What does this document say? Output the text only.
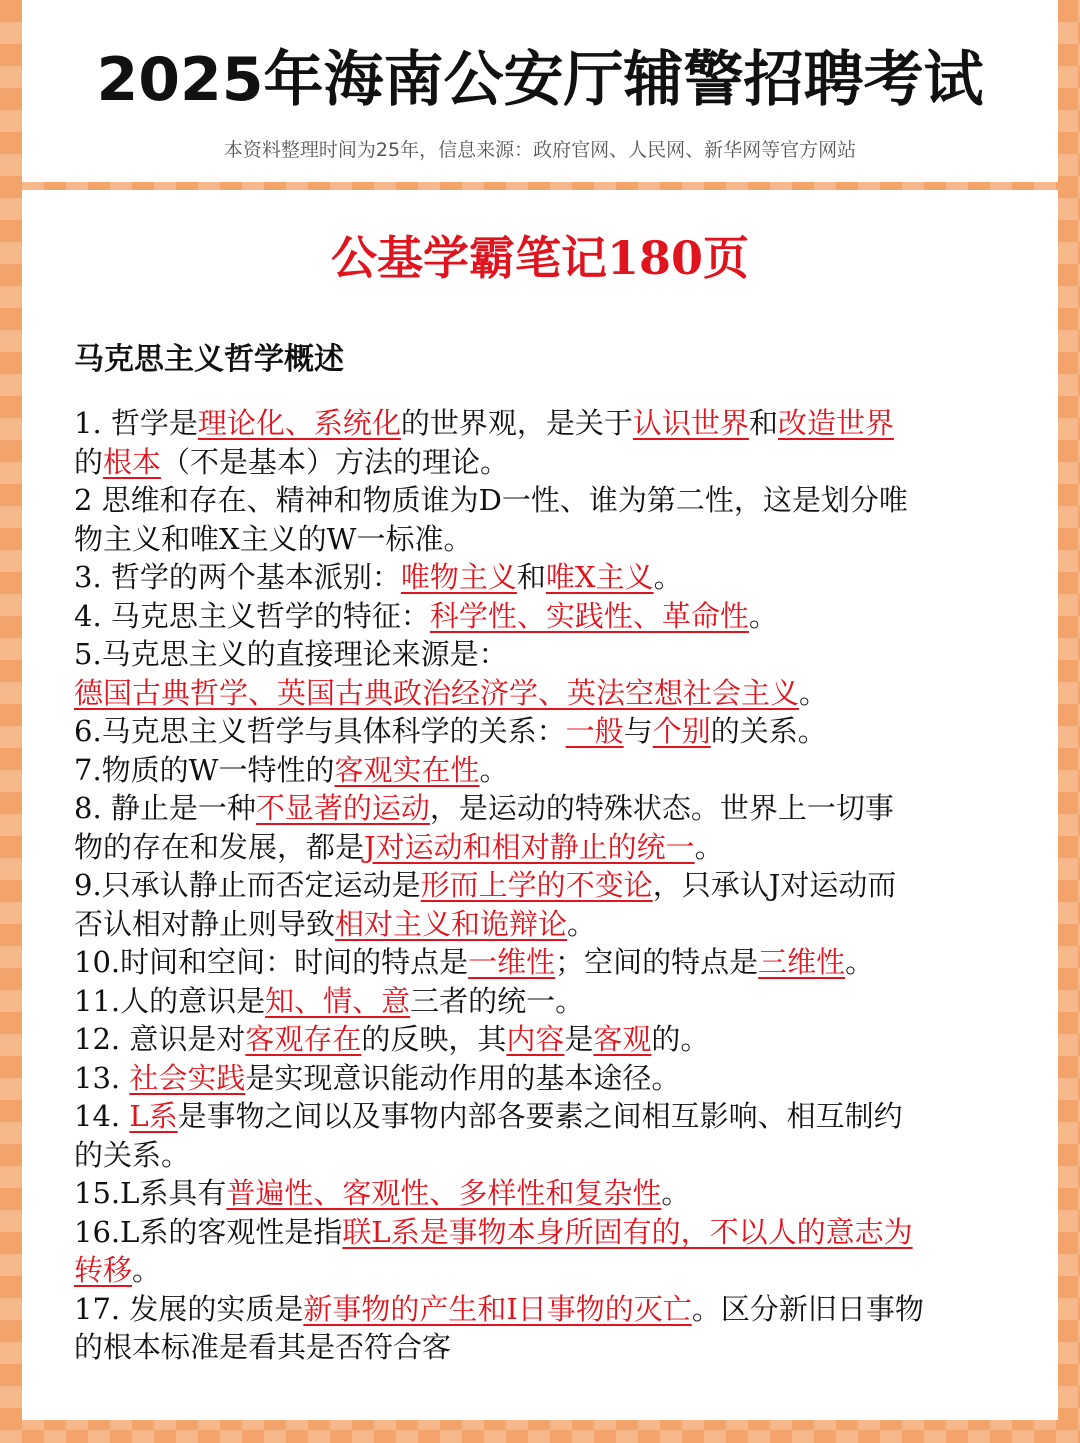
2025年海南公安厅辅警招聘考试
本资料整理时间为25年，信息来源：政府官网、人民网、新华网等官方网站
公基学霸笔记180页
马克思主义哲学概述
1. 哲学是理论化、系统化的世界观，是关于认识世界和改造世界
的根本（不是基本）方法的理论。
2 思维和存在、精神和物质谁为D一性、谁为第二性，这是划分唯
物主义和唯X主义的W一标准。
3. 哲学的两个基本派别：唯物主义和唯X主义。
4. 马克思主义哲学的特征：科学性、实践性、革命性。
5.马克思主义的直接理论来源是：
德国古典哲学、英国古典政治经济学、英法空想社会主义。
6.马克思主义哲学与具体科学的关系：一般与个别的关系。
7.物质的W一特性的客观实在性。
8. 静止是一种不显著的运动，是运动的特殊状态。世界上一切事
物的存在和发展，都是J对运动和相对静止的统一。
9.只承认静止而否定运动是形而上学的不变论，只承认J对运动而
否认相对静止则导致相对主义和诡辩论。
10.时间和空间：时间的特点是一维性；空间的特点是三维性。
11.人的意识是知、情、意三者的统一。
12. 意识是对客观存在的反映，其内容是客观的。
13. 社会实践是实现意识能动作用的基本途径。
14. L系是事物之间以及事物内部各要素之间相互影响、相互制约
的关系。
15.L系具有普遍性、客观性、多样性和复杂性。
16.L系的客观性是指联L系是事物本身所固有的，不以人的意志为
转移。
17. 发展的实质是新事物的产生和I日事物的灭亡。区分新旧日事物
的根本标准是看其是否符合客
